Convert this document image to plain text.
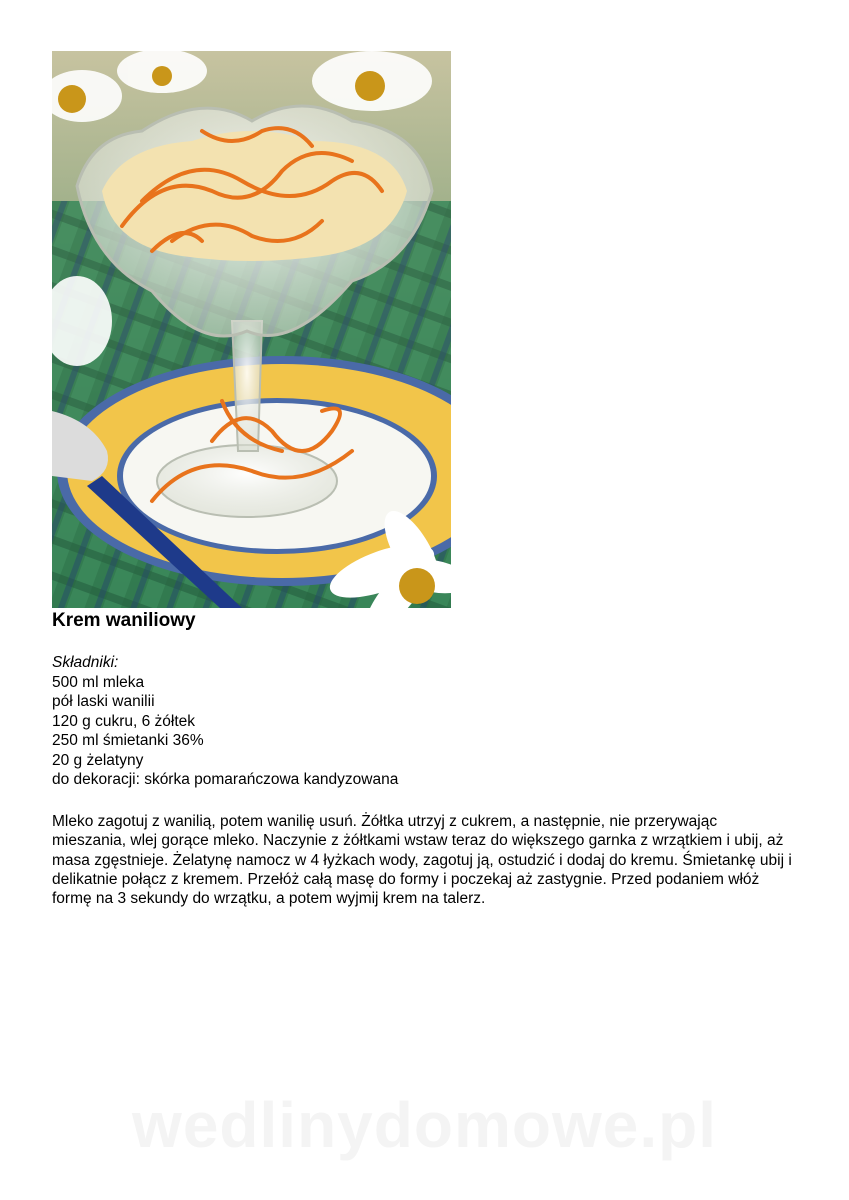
Krem waniliowy
Składniki:
500 ml mleka
pół laski wanilii
120 g cukru, 6 żółtek
250 ml śmietanki 36%
20 g żelatyny
do dekoracji: skórka pomarańczowa kandyzowana
Mleko zagotuj z wanilią, potem wanilię usuń. Żółtka utrzyj z cukrem, a następnie, nie przerywając mieszania, wlej gorące mleko. Naczynie z żółtkami wstaw teraz do większego garnka z wrzątkiem i ubij, aż masa zgęstnieje. Żelatynę namocz w 4 łyżkach wody, zagotuj ją, ostudzić i dodaj do kremu. Śmietankę ubij i delikatnie połącz z kremem. Przełóż całą masę do formy i poczekaj aż zastygnie. Przed podaniem włóż formę na 3 sekundy do wrzątku, a potem wyjmij krem na talerz.
wedlinydomowe.pl
